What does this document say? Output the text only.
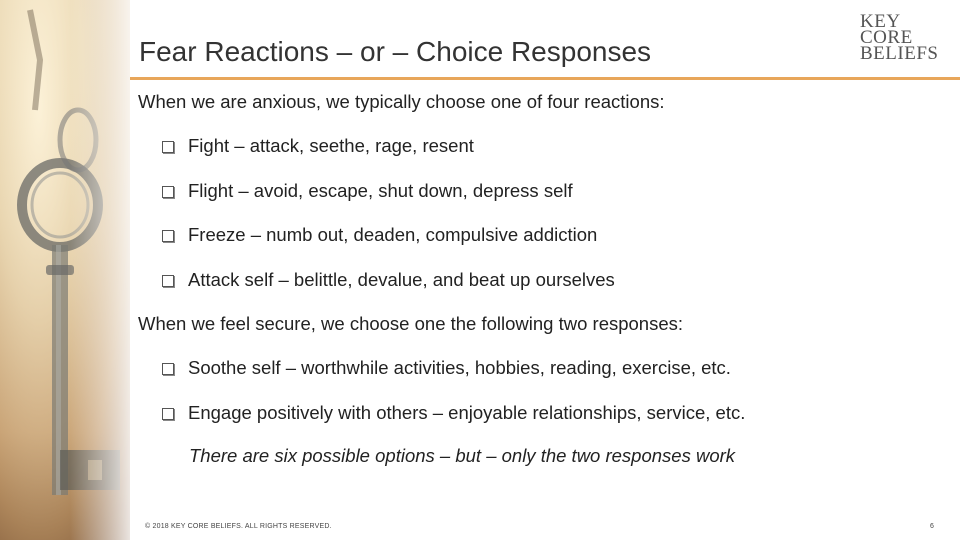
Fear Reactions – or – Choice Responses
KEY
CORE
BELIEFS
When we are anxious, we typically choose one of four reactions:
Fight – attack, seethe, rage, resent
Flight – avoid, escape, shut down, depress self
Freeze – numb out, deaden, compulsive addiction
Attack self – belittle, devalue, and beat up ourselves
When we feel secure, we choose one the following two responses:
Soothe self – worthwhile activities, hobbies, reading, exercise, etc.
Engage positively with others – enjoyable relationships, service, etc.
There are six possible options – but – only the two responses work
© 2018 KEY CORE BELIEFS. ALL RIGHTS RESERVED.	6
